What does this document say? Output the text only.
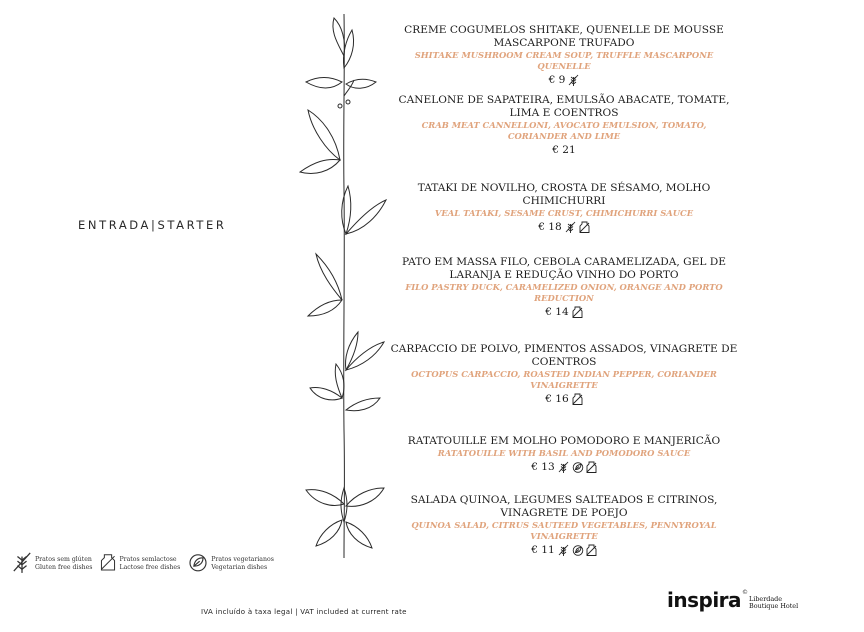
ENTRADA|STARTER
CREME COGUMELOS SHITAKE, QUENELLE DE MOUSSE MASCARPONE TRUFADO
SHITAKE MUSHROOM CREAM SOUP, TRUFFLE MASCARPONE QUENELLE
€ 9
CANELONE DE SAPATEIRA, EMULSÃO ABACATE, TOMATE, LIMA E COENTROS
CRAB MEAT CANNELLONI, AVOCATO EMULSION, TOMATO, CORIANDER AND LIME
€ 21
TATAKI DE NOVILHO, CROSTA DE SÉSAMO, MOLHO CHIMICHURRI
VEAL TATAKI, SESAME CRUST, CHIMICHURRI SAUCE
€ 18
PATO EM MASSA FILO, CEBOLA CARAMELIZADA, GEL DE LARANJA E REDUÇÃO VINHO DO PORTO
FILO PASTRY DUCK, CARAMELIZED ONION, ORANGE AND PORTO REDUCTION
€ 14
CARPACCIO DE POLVO, PIMENTOS ASSADOS, VINAGRETE DE COENTROS
OCTOPUS CARPACCIO, ROASTED INDIAN PEPPER, CORIANDER VINAIGRETTE
€ 16
RATATOUILLE EM MOLHO POMODORO E MANJERICÃO
RATATOUILLE WITH BASIL AND POMODORO SAUCE
€ 13
SALADA QUINOA, LEGUMES SALTEADOS E CITRINOS, VINAGRETE DE POEJO
QUINOA SALAD, CITRUS SAUTEED VEGETABLES, PENNYROYAL VINAIGRETTE
€ 11
Pratos sem glúten
Gluten free dishes
Pratos semlactose
Lactose free dishes
Pratos vegetarianos
Vegetarian dishes
IVA incluído à taxa legal | VAT included at current rate	inspira ©
Liberdade
Boutique Hotel
